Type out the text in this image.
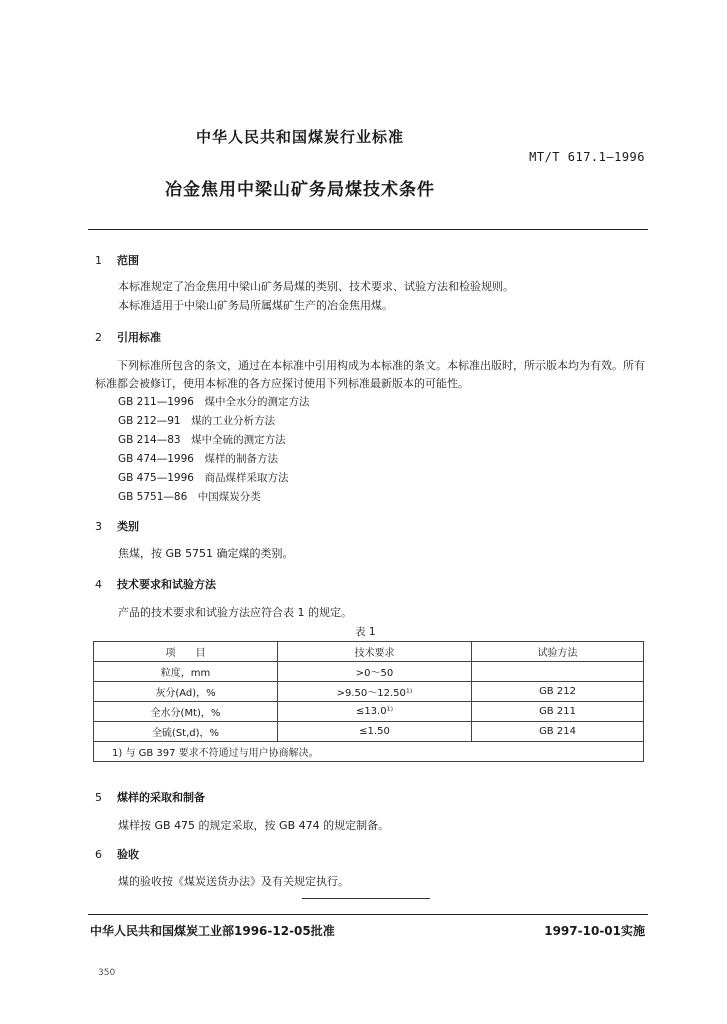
中华人民共和国煤炭行业标准
MT/T 617.1—1996
冶金焦用中梁山矿务局煤技术条件
1 范围
本标准规定了冶金焦用中梁山矿务局煤的类别、技术要求、试验方法和检验规则。
本标准适用于中梁山矿务局所属煤矿生产的冶金焦用煤。
2 引用标准
下列标准所包含的条文，通过在本标准中引用构成为本标准的条文。本标准出版时，所示版本均为有效。所有标准都会被修订，使用本标准的各方应探讨使用下列标准最新版本的可能性。
GB 211—1996　煤中全水分的测定方法
GB 212—91　煤的工业分析方法
GB 214—83　煤中全硫的测定方法
GB 474—1996　煤样的制备方法
GB 475—1996　商品煤样采取方法
GB 5751—86　中国煤炭分类
3 类别
焦煤，按 GB 5751 确定煤的类别。
4 技术要求和试验方法
产品的技术要求和试验方法应符合表 1 的规定。
表 1
项　　目	技术要求	试验方法
粒度，mm	>0～50	
灰分(Ad)，%	>9.50～12.50¹⁾	GB 212
全水分(Mt)，%	≤13.0¹⁾	GB 211
全硫(St,d)，%	≤1.50	GB 214
1) 与 GB 397 要求不符通过与用户协商解决。		
5 煤样的采取和制备
煤样按 GB 475 的规定采取，按 GB 474 的规定制备。
6 验收
煤的验收按《煤炭送货办法》及有关规定执行。
中华人民共和国煤炭工业部1996-12-05批准	1997-10-01实施
350
